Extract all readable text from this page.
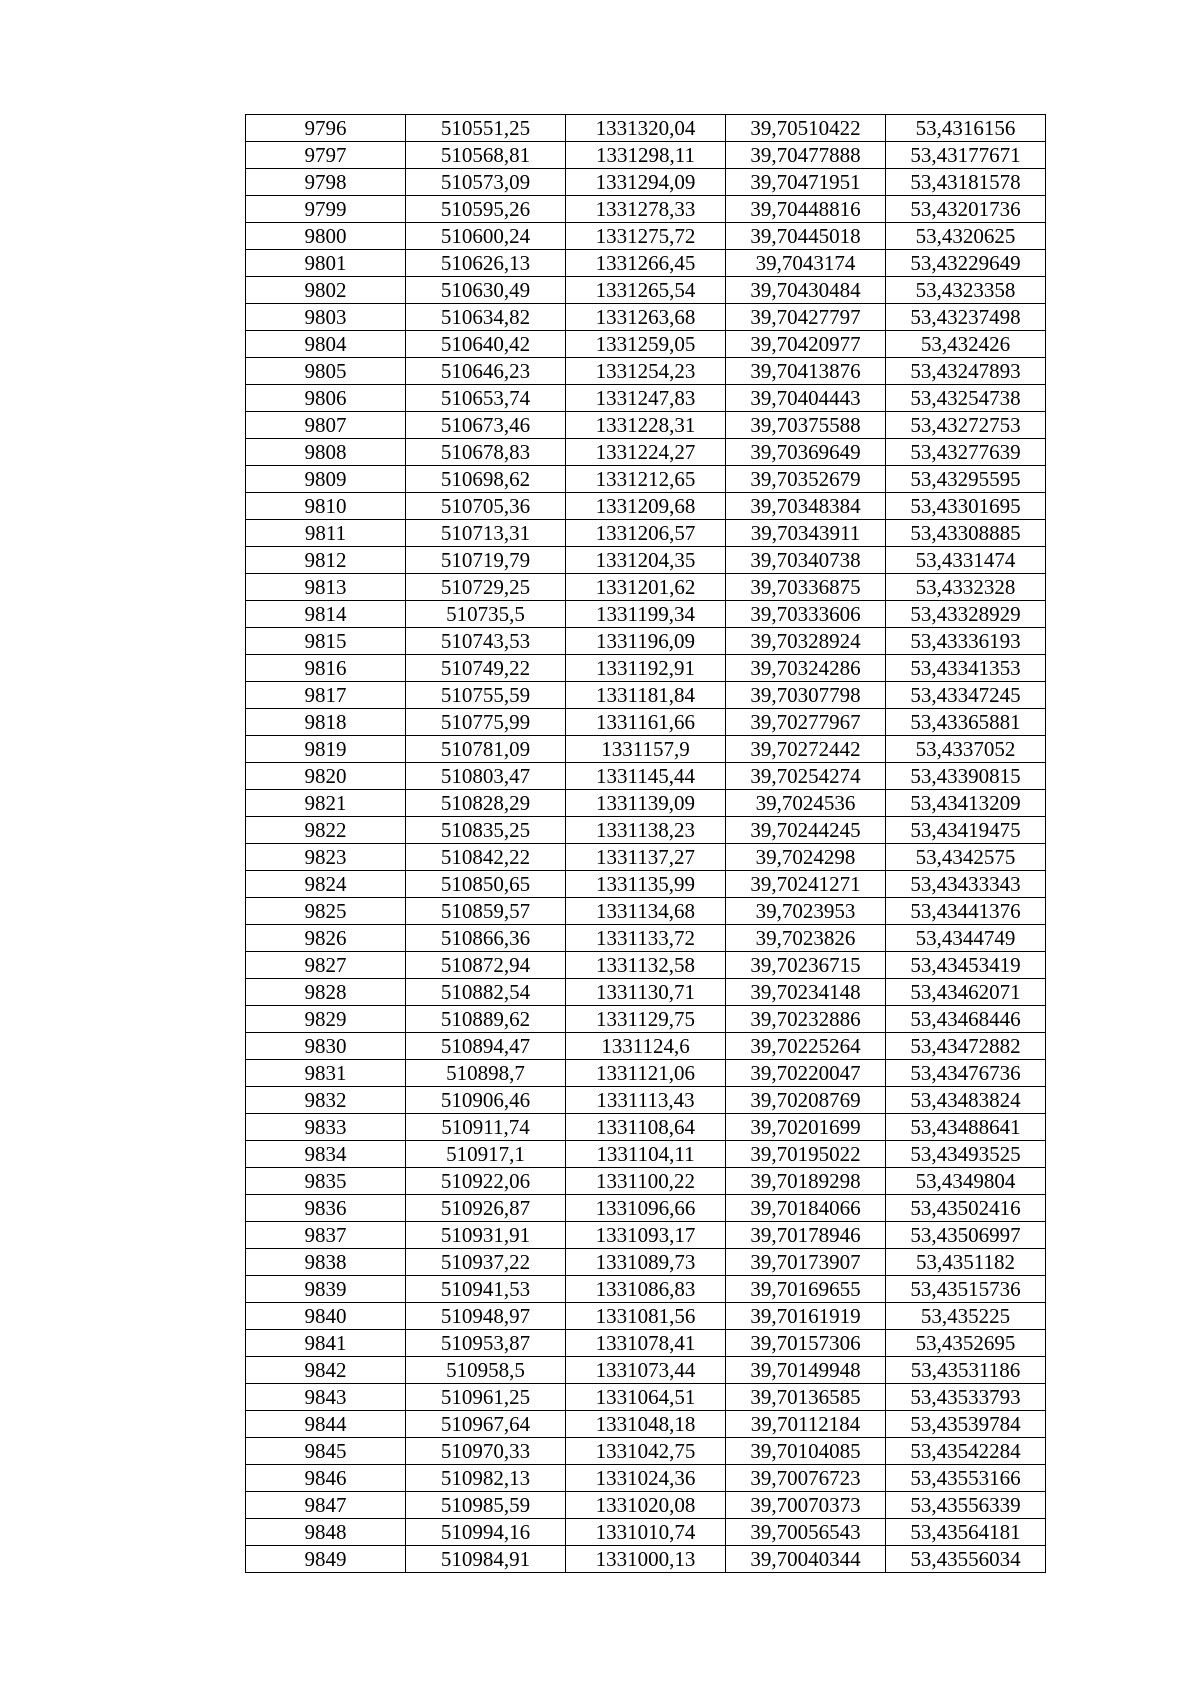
9796	510551,25	1331320,04	39,70510422	53,4316156
9797	510568,81	1331298,11	39,70477888	53,43177671
9798	510573,09	1331294,09	39,70471951	53,43181578
9799	510595,26	1331278,33	39,70448816	53,43201736
9800	510600,24	1331275,72	39,70445018	53,4320625
9801	510626,13	1331266,45	39,7043174	53,43229649
9802	510630,49	1331265,54	39,70430484	53,4323358
9803	510634,82	1331263,68	39,70427797	53,43237498
9804	510640,42	1331259,05	39,70420977	53,432426
9805	510646,23	1331254,23	39,70413876	53,43247893
9806	510653,74	1331247,83	39,70404443	53,43254738
9807	510673,46	1331228,31	39,70375588	53,43272753
9808	510678,83	1331224,27	39,70369649	53,43277639
9809	510698,62	1331212,65	39,70352679	53,43295595
9810	510705,36	1331209,68	39,70348384	53,43301695
9811	510713,31	1331206,57	39,70343911	53,43308885
9812	510719,79	1331204,35	39,70340738	53,4331474
9813	510729,25	1331201,62	39,70336875	53,4332328
9814	510735,5	1331199,34	39,70333606	53,43328929
9815	510743,53	1331196,09	39,70328924	53,43336193
9816	510749,22	1331192,91	39,70324286	53,43341353
9817	510755,59	1331181,84	39,70307798	53,43347245
9818	510775,99	1331161,66	39,70277967	53,43365881
9819	510781,09	1331157,9	39,70272442	53,4337052
9820	510803,47	1331145,44	39,70254274	53,43390815
9821	510828,29	1331139,09	39,7024536	53,43413209
9822	510835,25	1331138,23	39,70244245	53,43419475
9823	510842,22	1331137,27	39,7024298	53,4342575
9824	510850,65	1331135,99	39,70241271	53,43433343
9825	510859,57	1331134,68	39,7023953	53,43441376
9826	510866,36	1331133,72	39,7023826	53,4344749
9827	510872,94	1331132,58	39,70236715	53,43453419
9828	510882,54	1331130,71	39,70234148	53,43462071
9829	510889,62	1331129,75	39,70232886	53,43468446
9830	510894,47	1331124,6	39,70225264	53,43472882
9831	510898,7	1331121,06	39,70220047	53,43476736
9832	510906,46	1331113,43	39,70208769	53,43483824
9833	510911,74	1331108,64	39,70201699	53,43488641
9834	510917,1	1331104,11	39,70195022	53,43493525
9835	510922,06	1331100,22	39,70189298	53,4349804
9836	510926,87	1331096,66	39,70184066	53,43502416
9837	510931,91	1331093,17	39,70178946	53,43506997
9838	510937,22	1331089,73	39,70173907	53,4351182
9839	510941,53	1331086,83	39,70169655	53,43515736
9840	510948,97	1331081,56	39,70161919	53,435225
9841	510953,87	1331078,41	39,70157306	53,4352695
9842	510958,5	1331073,44	39,70149948	53,43531186
9843	510961,25	1331064,51	39,70136585	53,43533793
9844	510967,64	1331048,18	39,70112184	53,43539784
9845	510970,33	1331042,75	39,70104085	53,43542284
9846	510982,13	1331024,36	39,70076723	53,43553166
9847	510985,59	1331020,08	39,70070373	53,43556339
9848	510994,16	1331010,74	39,70056543	53,43564181
9849	510984,91	1331000,13	39,70040344	53,43556034
